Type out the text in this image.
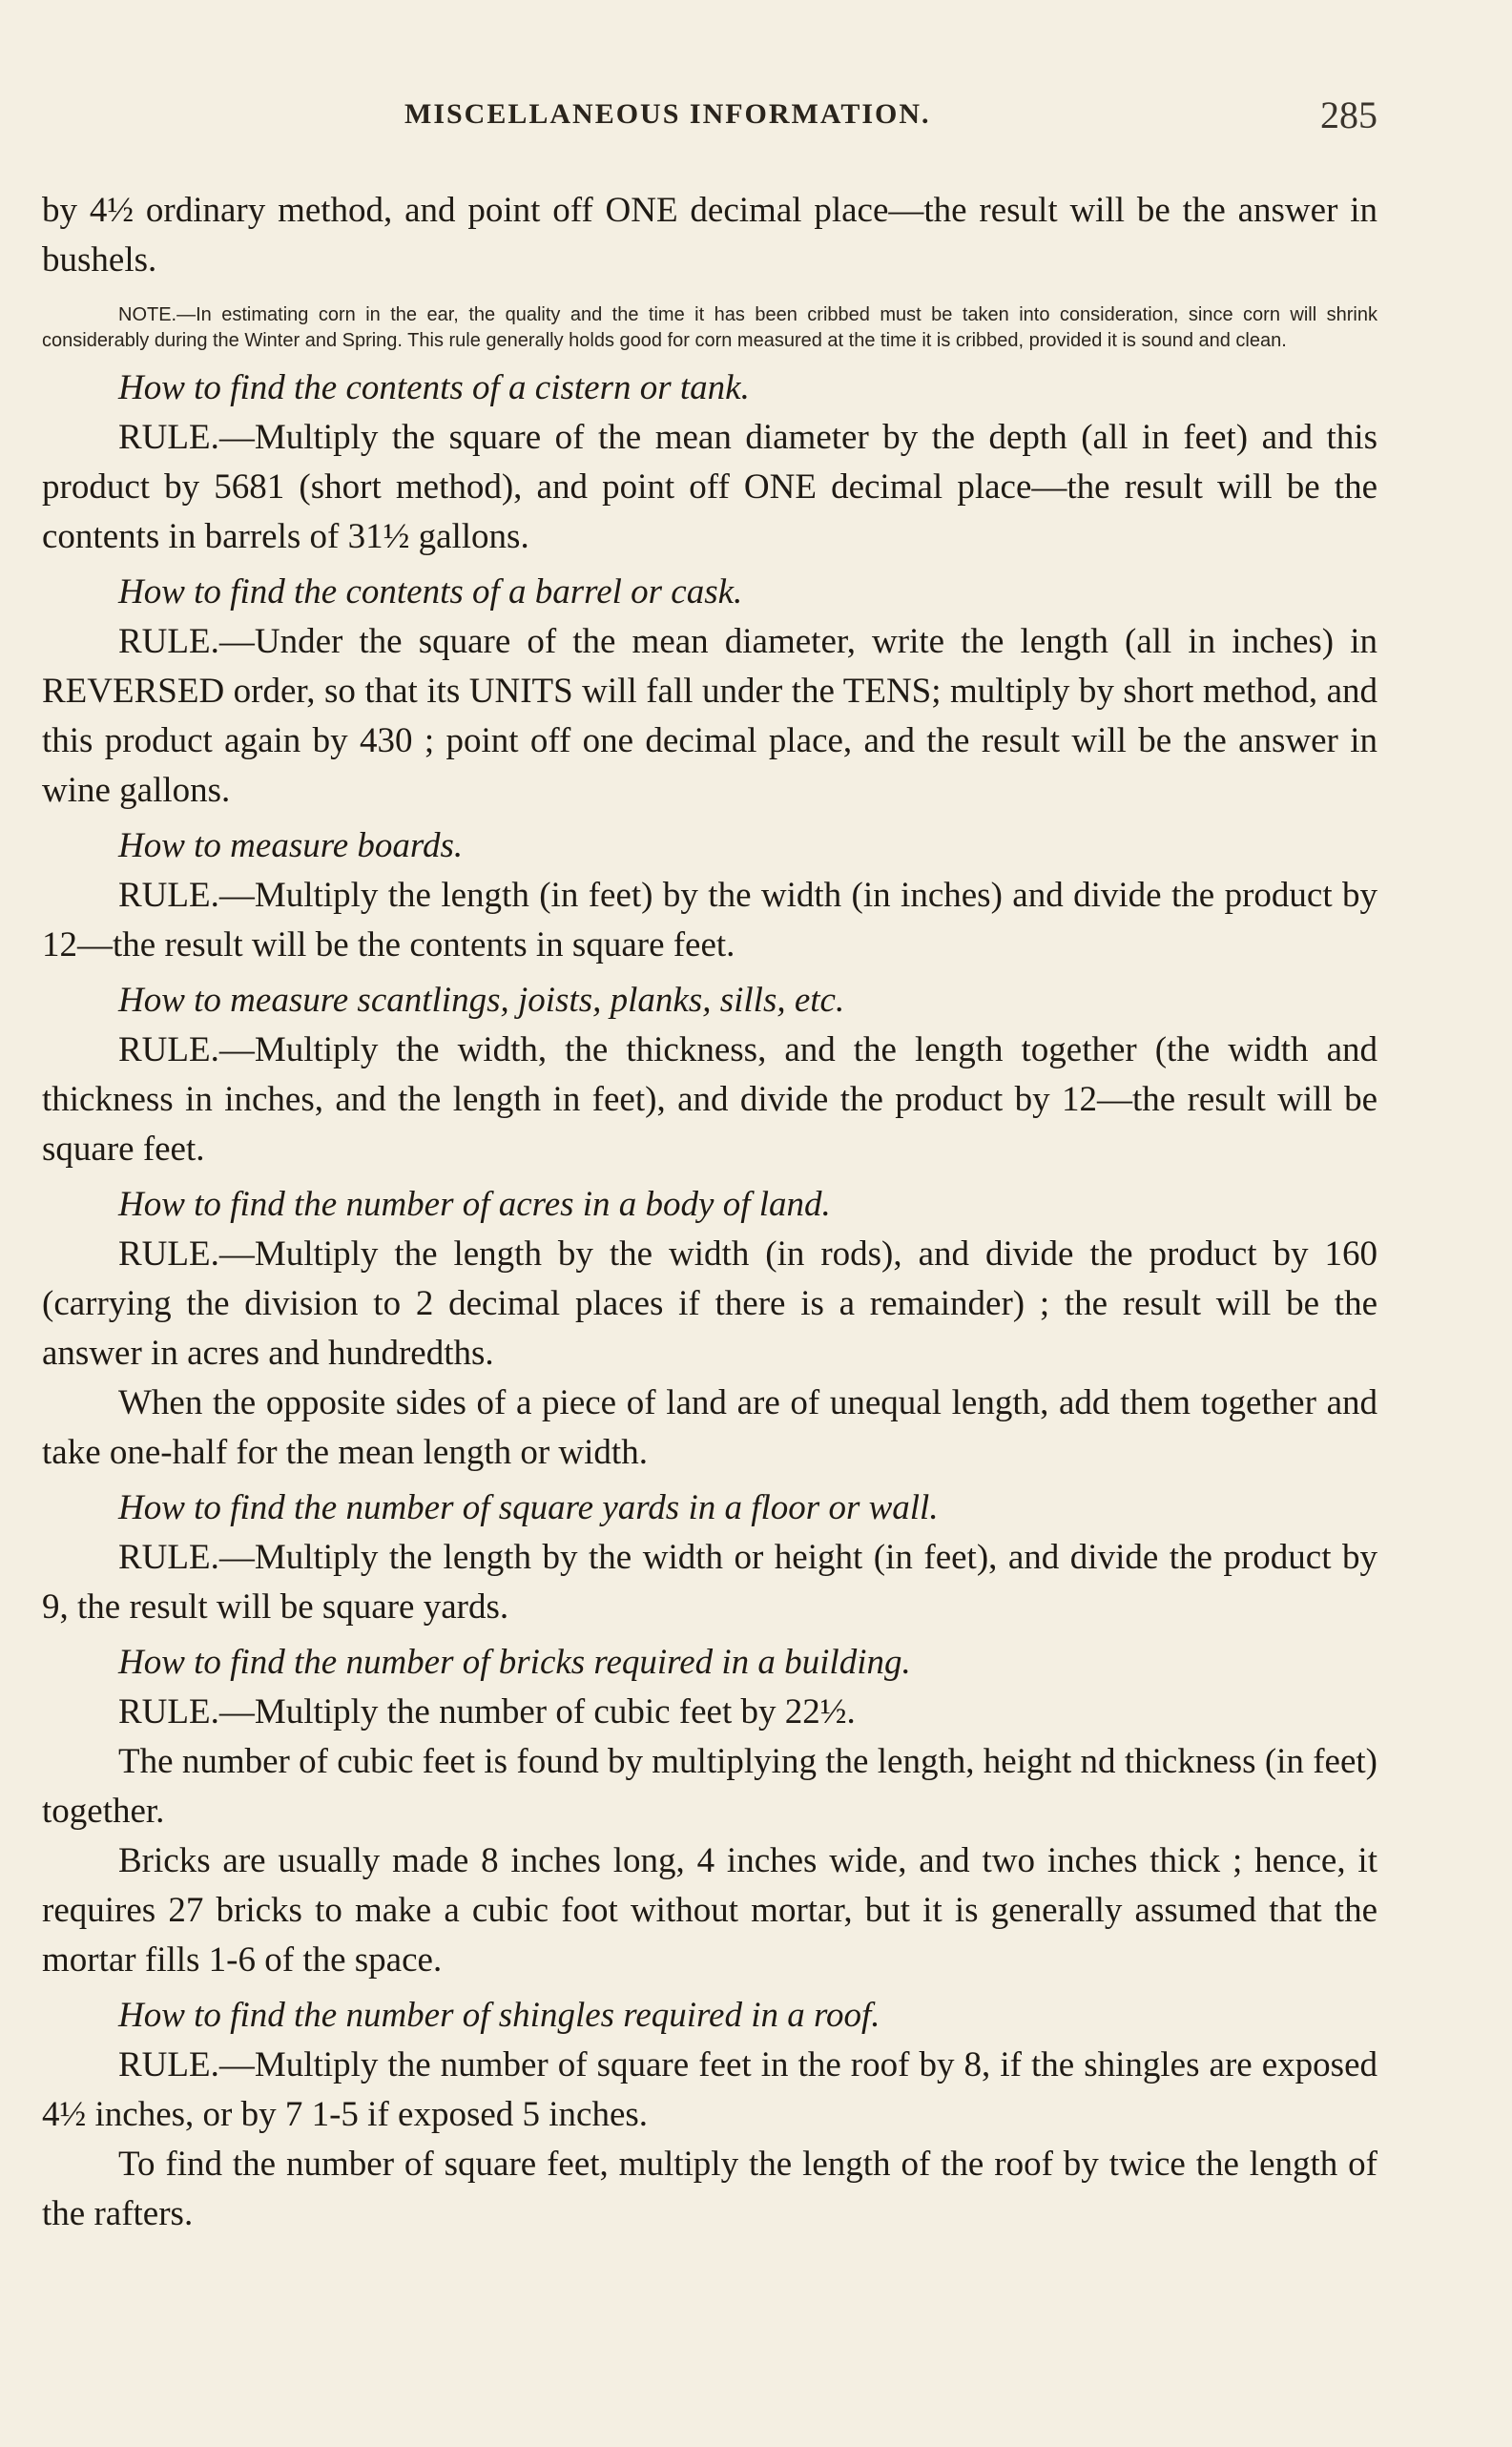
MISCELLANEOUS INFORMATION.	285

by 4½ ordinary method, and point off ONE decimal place—the result will be the answer in bushels.

NOTE.—In estimating corn in the ear, the quality and the time it has been cribbed must be taken into consideration, since corn will shrink considerably during the Winter and Spring. This rule generally holds good for corn measured at the time it is cribbed, provided it is sound and clean.

How to find the contents of a cistern or tank.

RULE.—Multiply the square of the mean diameter by the depth (all in feet) and this product by 5681 (short method), and point off ONE decimal place—the result will be the contents in barrels of 31½ gallons.

How to find the contents of a barrel or cask.

RULE.—Under the square of the mean diameter, write the length (all in inches) in REVERSED order, so that its UNITS will fall under the TENS; multiply by short method, and this product again by 430 ; point off one decimal place, and the result will be the answer in wine gallons.

How to measure boards.

RULE.—Multiply the length (in feet) by the width (in inches) and divide the product by 12—the result will be the contents in square feet.

How to measure scantlings, joists, planks, sills, etc.

RULE.—Multiply the width, the thickness, and the length together (the width and thickness in inches, and the length in feet), and divide the product by 12—the result will be square feet.

How to find the number of acres in a body of land.

RULE.—Multiply the length by the width (in rods), and divide the product by 160 (carrying the division to 2 decimal places if there is a remainder) ; the result will be the answer in acres and hundredths.

When the opposite sides of a piece of land are of unequal length, add them together and take one-half for the mean length or width.

How to find the number of square yards in a floor or wall.

RULE.—Multiply the length by the width or height (in feet), and divide the product by 9, the result will be square yards.

How to find the number of bricks required in a building.

RULE.—Multiply the number of cubic feet by 22½.

The number of cubic feet is found by multiplying the length, height nd thickness (in feet) together.

Bricks are usually made 8 inches long, 4 inches wide, and two inches thick ; hence, it requires 27 bricks to make a cubic foot without mortar, but it is generally assumed that the mortar fills 1-6 of the space.

How to find the number of shingles required in a roof.

RULE.—Multiply the number of square feet in the roof by 8, if the shingles are exposed 4½ inches, or by 7 1-5 if exposed 5 inches.

To find the number of square feet, multiply the length of the roof by twice the length of the rafters.
